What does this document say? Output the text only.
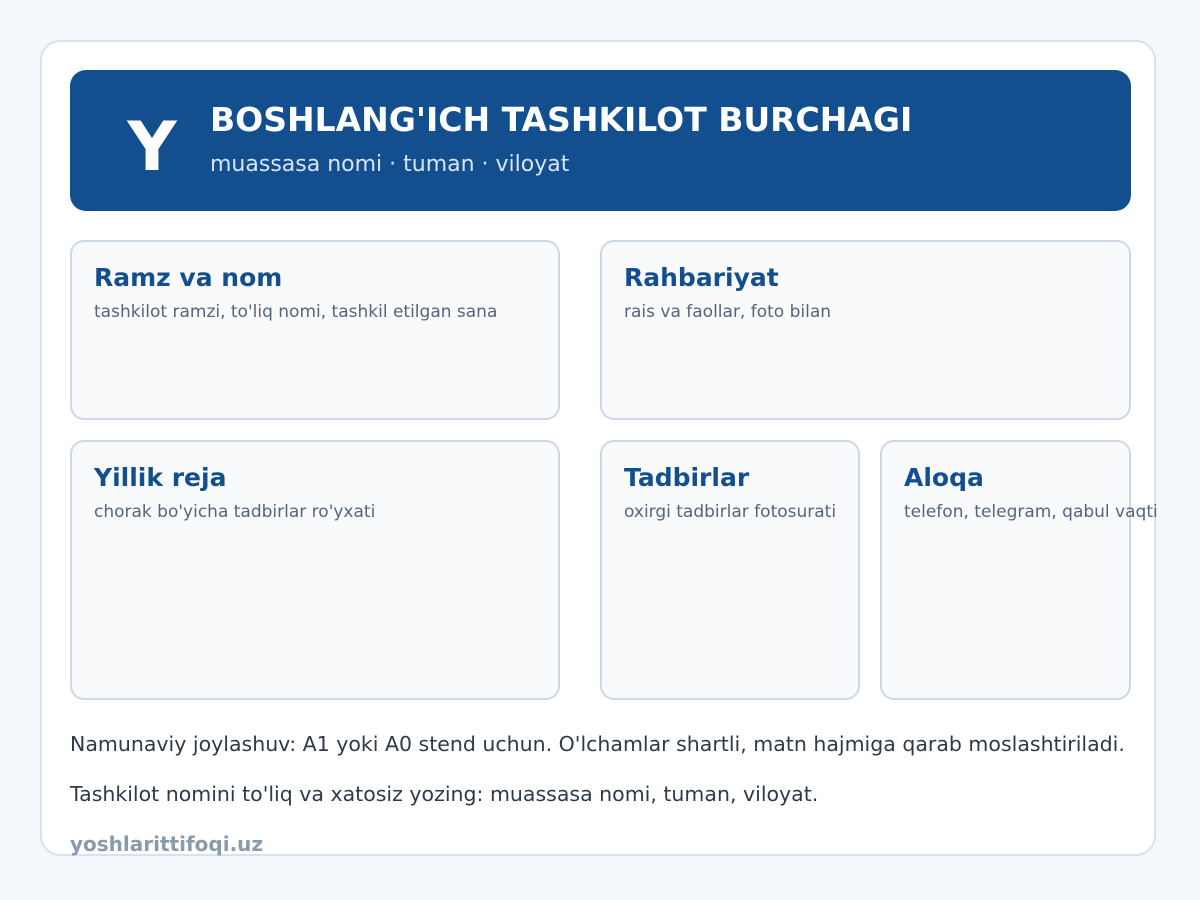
Y BOSHLANG'ICH TASHKILOT BURCHAGI
muassasa nomi · tuman · viloyat
Ramz va nom
tashkilot ramzi, to'liq nomi, tashkil etilgan sana
Rahbariyat
rais va faollar, foto bilan
Yillik reja
chorak bo'yicha tadbirlar ro'yxati
Tadbirlar
oxirgi tadbirlar fotosurati
Aloqa
telefon, telegram, qabul vaqti
Namunaviy joylashuv: A1 yoki A0 stend uchun. O'lchamlar shartli, matn hajmiga qarab moslashtiriladi.
Tashkilot nomini to'liq va xatosiz yozing: muassasa nomi, tuman, viloyat.
yoshlarittifoqi.uz
